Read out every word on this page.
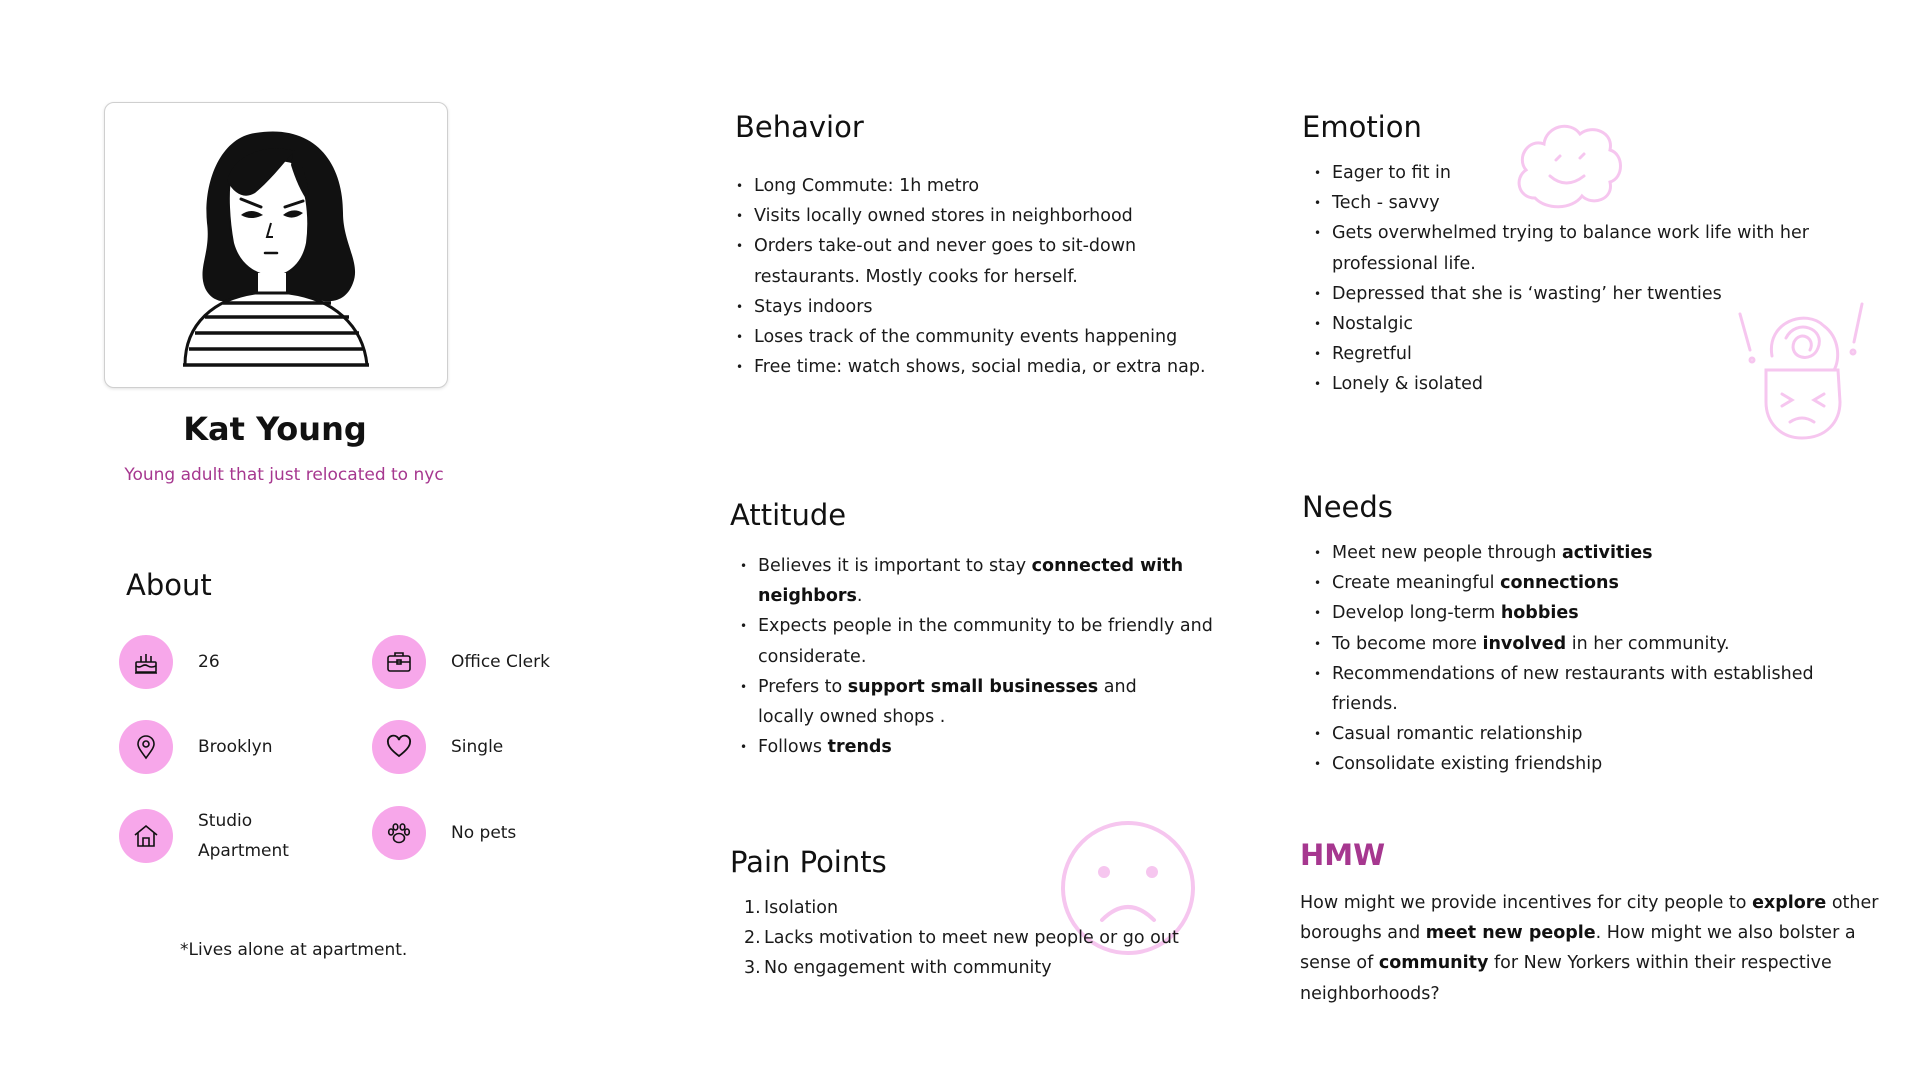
Kat Young
Young adult that just relocated to nyc
About
26	Office Clerk
Brooklyn	Single
Studio Apartment
No pets
*Lives alone at apartment.
Behavior
• Long Commute: 1h metro
• Visits locally owned stores in neighborhood
• Orders take-out and never goes to sit-down restaurants. Mostly cooks for herself.
• Stays indoors
• Loses track of the community events happening
• Free time: watch shows, social media, or extra nap.
Attitude
• Believes it is important to stay connected with neighbors.
• Expects people in the community to be friendly and considerate.
• Prefers to support small businesses and locally owned shops .
• Follows trends
Pain Points
1. Isolation
2. Lacks motivation to meet new people or go out
3. No engagement with community
Emotion
• Eager to fit in
• Tech - savvy
• Gets overwhelmed trying to balance work life with her professional life.
• Depressed that she is ‘wasting’ her twenties
• Nostalgic
• Regretful
• Lonely & isolated
Needs
• Meet new people through activities
• Create meaningful connections
• Develop long-term hobbies
• To become more involved in her community.
• Recommendations of new restaurants with established friends.
• Casual romantic relationship
• Consolidate existing friendship
HMW
How might we provide incentives for city people to explore other boroughs and meet new people. How might we also bolster a sense of community for New Yorkers within their respective neighborhoods?
